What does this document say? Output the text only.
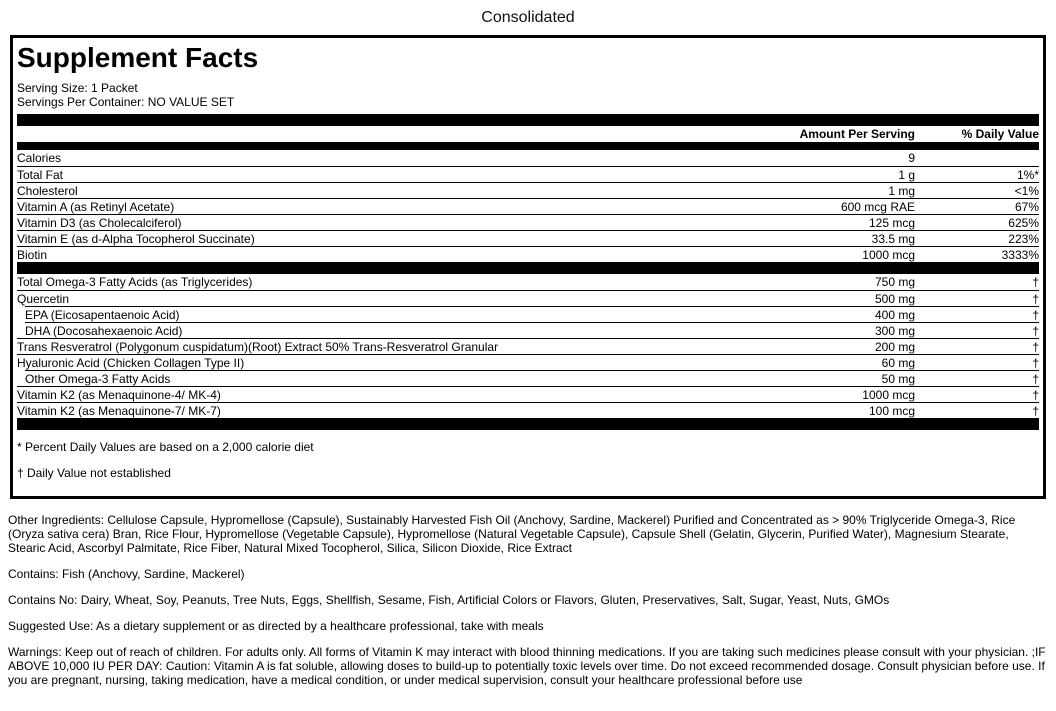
Consolidated
Supplement Facts
Serving Size: 1 Packet
Servings Per Container: NO VALUE SET
Amount Per Serving	% Daily Value
Calories	9
Total Fat	1 g	1%*
Cholesterol	1 mg	<1%
Vitamin A (as Retinyl Acetate)	600 mcg RAE	67%
Vitamin D3 (as Cholecalciferol)	125 mcg	625%
Vitamin E (as d-Alpha Tocopherol Succinate)	33.5 mg	223%
Biotin	1000 mcg	3333%
Total Omega-3 Fatty Acids (as Triglycerides)	750 mg	†
Quercetin	500 mg	†
EPA (Eicosapentaenoic Acid)	400 mg	†
DHA (Docosahexaenoic Acid)	300 mg	†
Trans Resveratrol (Polygonum cuspidatum)(Root) Extract 50% Trans-Resveratrol Granular	200 mg	†
Hyaluronic Acid (Chicken Collagen Type II)	60 mg	†
Other Omega-3 Fatty Acids	50 mg	†
Vitamin K2 (as Menaquinone-4/ MK-4)	1000 mcg	†
Vitamin K2 (as Menaquinone-7/ MK-7)	100 mcg	†
* Percent Daily Values are based on a 2,000 calorie diet
† Daily Value not established

Other Ingredients: Cellulose Capsule, Hypromellose (Capsule), Sustainably Harvested Fish Oil (Anchovy, Sardine, Mackerel) Purified and Concentrated as > 90% Triglyceride Omega-3, Rice (Oryza sativa cera) Bran, Rice Flour, Hypromellose (Vegetable Capsule), Hypromellose (Natural Vegetable Capsule), Capsule Shell (Gelatin, Glycerin, Purified Water), Magnesium Stearate, Stearic Acid, Ascorbyl Palmitate, Rice Fiber, Natural Mixed Tocopherol, Silica, Silicon Dioxide, Rice Extract

Contains: Fish (Anchovy, Sardine, Mackerel)

Contains No: Dairy, Wheat, Soy, Peanuts, Tree Nuts, Eggs, Shellfish, Sesame, Fish, Artificial Colors or Flavors, Gluten, Preservatives, Salt, Sugar, Yeast, Nuts, GMOs

Suggested Use: As a dietary supplement or as directed by a healthcare professional, take with meals

Warnings: Keep out of reach of children. For adults only. All forms of Vitamin K may interact with blood thinning medications. If you are taking such medicines please consult with your physician. ;IF ABOVE 10,000 IU PER DAY: Caution: Vitamin A is fat soluble, allowing doses to build-up to potentially toxic levels over time. Do not exceed recommended dosage. Consult physician before use. If you are pregnant, nursing, taking medication, have a medical condition, or under medical supervision, consult your healthcare professional before use
